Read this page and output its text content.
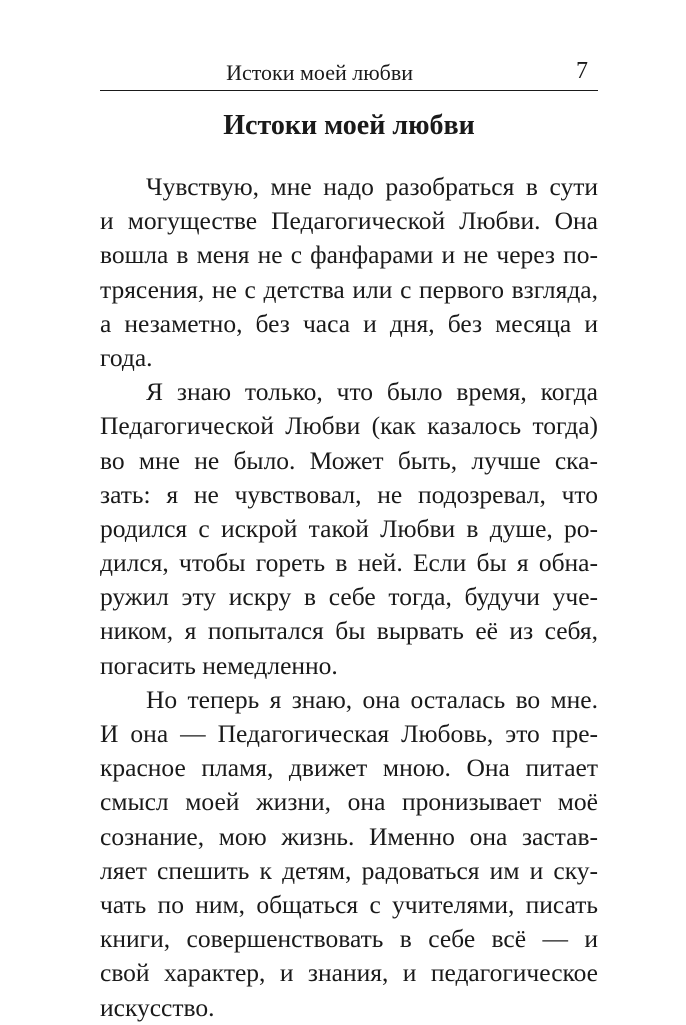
Истоки моей любви	7
Истоки моей любви
Чувствую, мне надо разобраться в сути
и могуществе Педагогической Любви. Она
вошла в меня не с фанфарами и не через по-
трясения, не с детства или с первого взгляда,
а незаметно, без часа и дня, без месяца и
года.
Я знаю только, что было время, когда
Педагогической Любви (как казалось тогда)
во мне не было. Может быть, лучше ска-
зать: я не чувствовал, не подозревал, что
родился с искрой такой Любви в душе, ро-
дился, чтобы гореть в ней. Если бы я обна-
ружил эту искру в себе тогда, будучи уче-
ником, я попытался бы вырвать её из себя,
погасить немедленно.
Но теперь я знаю, она осталась во мне.
И она — Педагогическая Любовь, это пре-
красное пламя, движет мною. Она питает
смысл моей жизни, она пронизывает моё
сознание, мою жизнь. Именно она застав-
ляет спешить к детям, радоваться им и ску-
чать по ним, общаться с учителями, писать
книги, совершенствовать в себе всё — и
свой характер, и знания, и педагогическое
искусство.
